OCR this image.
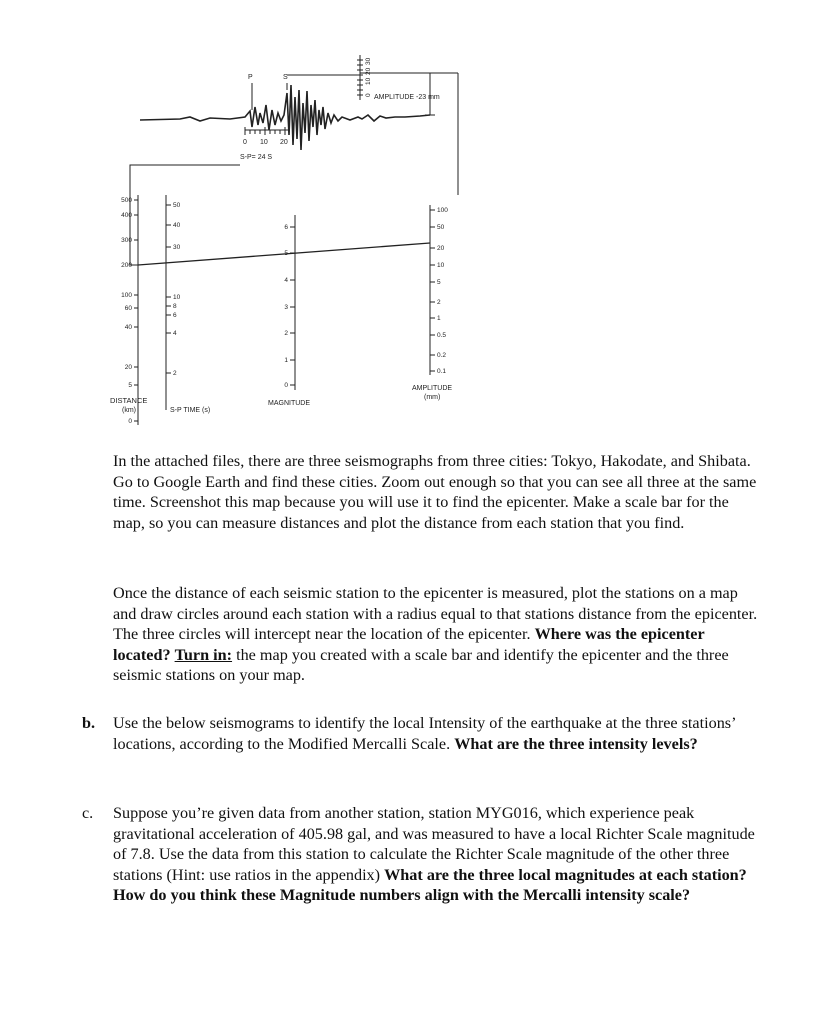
P	S
AMPLITUDE -23 mm
0 10 20
S-P= 24 S
0
10
20
30
500
400
300
200
100
60
40
20
5
0
50
40
30
10
8
6
4
2
6
5
4
3
2
1
0
100
50
20
10
5
2
1
0.5
0.2
0.1
DISTANCE
(km)	S-P TIME (s)
MAGNITUDE
AMPLITUDE
(mm)

In the attached files, there are three seismographs from three cities: Tokyo, Hakodate, and Shibata. Go to Google Earth and find these cities. Zoom out enough so that you can see all three at the same time. Screenshot this map because you will use it to find the epicenter. Make a scale bar for the map, so you can measure distances and plot the distance from each station that you find.

Once the distance of each seismic station to the epicenter is measured, plot the stations on a map and draw circles around each station with a radius equal to that stations distance from the epicenter. The three circles will intercept near the location of the epicenter. Where was the epicenter located? Turn in: the map you created with a scale bar and identify the epicenter and the three seismic stations on your map.

b.	Use the below seismograms to identify the local Intensity of the earthquake at the three stations’ locations, according to the Modified Mercalli Scale. What are the three intensity levels?
c.	Suppose you’re given data from another station, station MYG016, which experience peak gravitational acceleration of 405.98 gal, and was measured to have a local Richter Scale magnitude of 7.8. Use the data from this station to calculate the Richter Scale magnitude of the other three stations (Hint: use ratios in the appendix) What are the three local magnitudes at each station? How do you think these Magnitude numbers align with the Mercalli intensity scale?
